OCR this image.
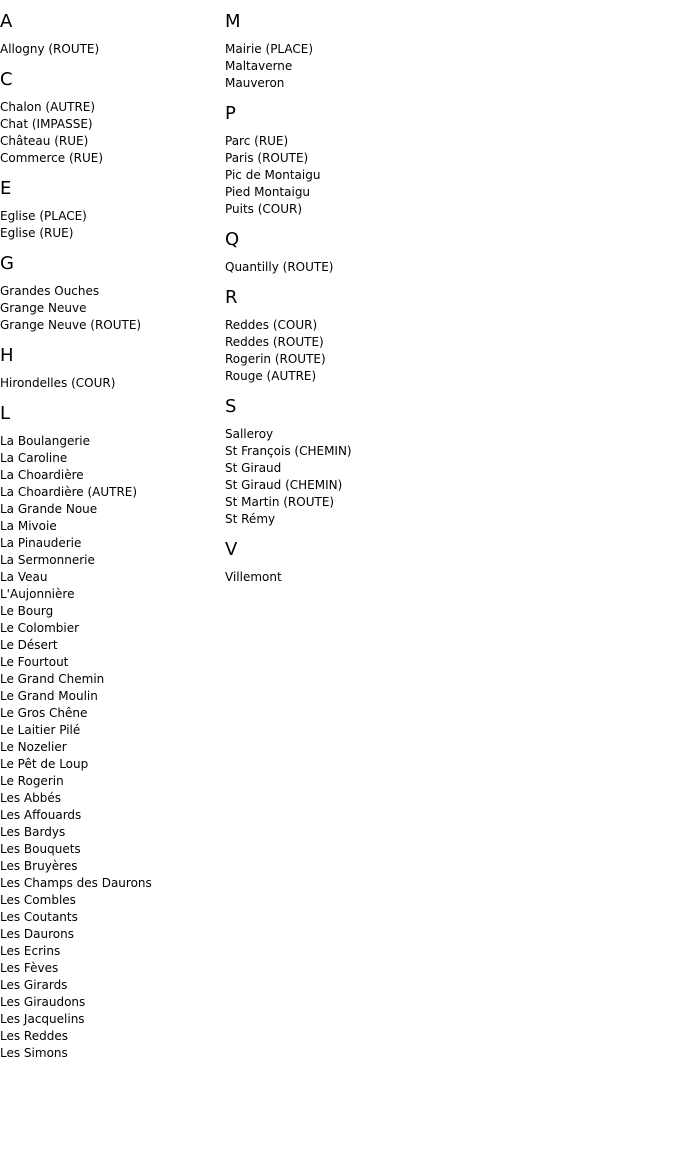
A
Allogny (ROUTE)
C
Chalon (AUTRE)
Chat (IMPASSE)
Château (RUE)
Commerce (RUE)
E
Eglise (PLACE)
Eglise (RUE)
G
Grandes Ouches
Grange Neuve
Grange Neuve (ROUTE)
H
Hirondelles (COUR)
L
La Boulangerie
La Caroline
La Choardière
La Choardière (AUTRE)
La Grande Noue
La Mivoie
La Pinauderie
La Sermonnerie
La Veau
L'Aujonnière
Le Bourg
Le Colombier
Le Désert
Le Fourtout
Le Grand Chemin
Le Grand Moulin
Le Gros Chêne
Le Laitier Pilé
Le Nozelier
Le Pêt de Loup
Le Rogerin
Les Abbés
Les Affouards
Les Bardys
Les Bouquets
Les Bruyères
Les Champs des Daurons
Les Combles
Les Coutants
Les Daurons
Les Ecrins
Les Fèves
Les Girards
Les Giraudons
Les Jacquelins
Les Reddes
Les Simons
M
Mairie (PLACE)
Maltaverne
Mauveron
P
Parc (RUE)
Paris (ROUTE)
Pic de Montaigu
Pied Montaigu
Puits (COUR)
Q
Quantilly (ROUTE)
R
Reddes (COUR)
Reddes (ROUTE)
Rogerin (ROUTE)
Rouge (AUTRE)
S
Salleroy
St François (CHEMIN)
St Giraud
St Giraud (CHEMIN)
St Martin (ROUTE)
St Rémy
V
Villemont
